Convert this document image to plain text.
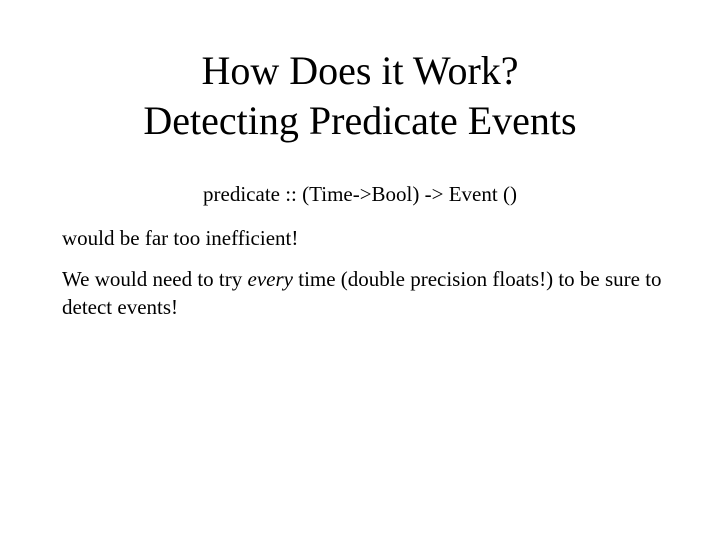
How Does it Work?
Detecting Predicate Events
predicate :: (Time->Bool) -> Event ()
would be far too inefficient!
We would need to try every time (double precision floats!) to be sure to detect events!
